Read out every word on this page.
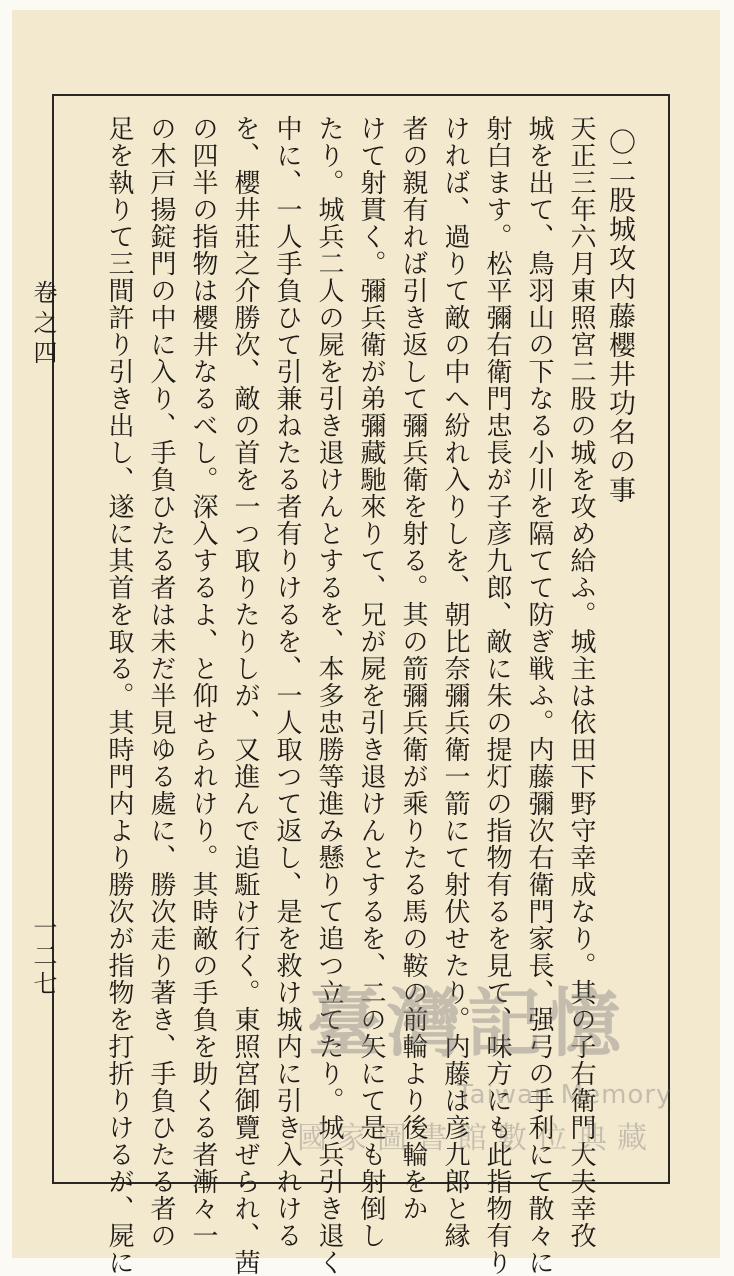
〇二股城攻内藤櫻井功名の事
天正三年六月東照宮二股の城を攻め給ふ。城主は依田下野守幸成なり。其の子右衛門大夫幸孜
城を出て、鳥羽山の下なる小川を隔てて防ぎ戦ふ。内藤彌次右衛門家長、强弓の手利にて散々に
射白ます。松平彌右衛門忠長が子彦九郎、敵に朱の提灯の指物有るを見て、味方にも此指物有り
ければ、過りて敵の中へ紛れ入りしを、朝比奈彌兵衛一箭にて射伏せたり。内藤は彦九郎と縁
者の親有れば引き返して彌兵衛を射る。其の箭彌兵衛が乘りたる馬の鞍の前輪より後輪をか
けて射貫く。彌兵衛が弟彌藏馳來りて、兄が屍を引き退けんとするを、二の矢にて是も射倒し
たり。城兵二人の屍を引き退けんとするを、本多忠勝等進み懸りて追つ立てたり。城兵引き退く
中に、一人手負ひて引兼ねたる者有りけるを、一人取つて返し、是を救け城内に引き入れける
を、櫻井莊之介勝次、敵の首を一つ取りたりしが、又進んで追駈け行く。東照宮御覽ぜられ、茜
の四半の指物は櫻井なるべし。深入するよ、と仰せられけり。其時敵の手負を助くる者漸々一
の木戸揚錠門の中に入り、手負ひたる者は未だ半見ゆる處に、勝次走り著き、手負ひたる者の
足を執りて三間許り引き出し、遂に其首を取る。其時門内より勝次が指物を打折りけるが、屍に
卷之四
一二七
臺灣記憶
Taiwan Memory
國家圖書館數位典藏
